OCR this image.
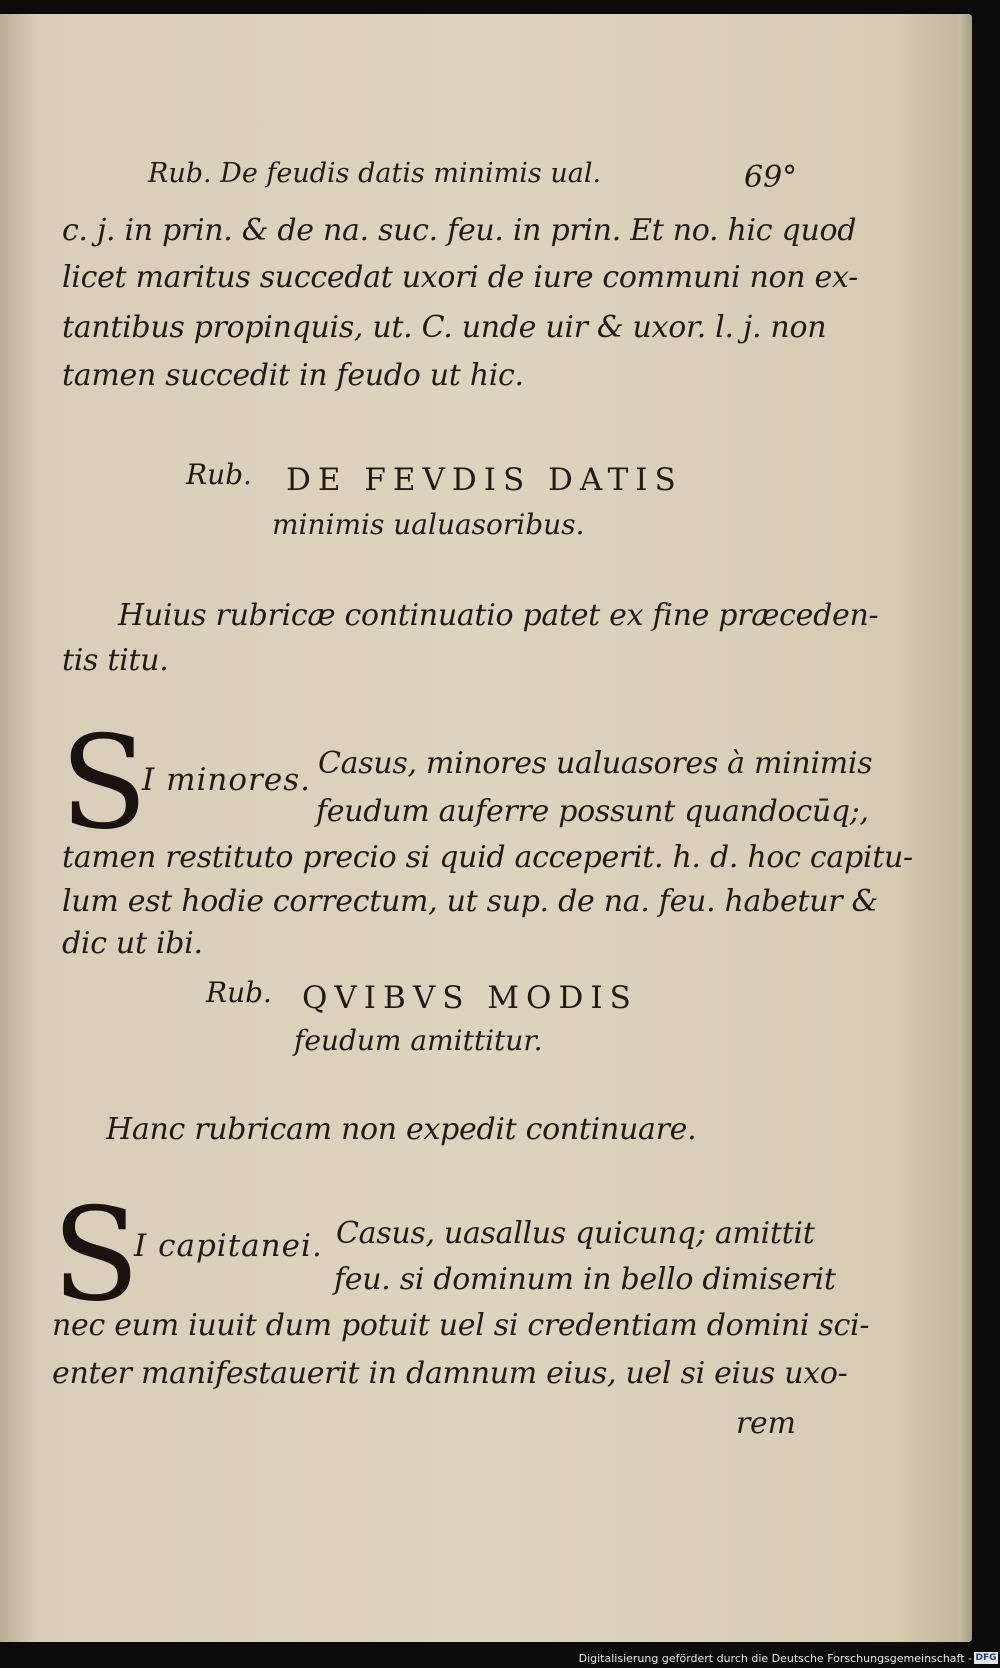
Rub. De feudis datis minimis ual.	69°
c. j. in prin. & de na. suc. feu. in prin. Et no. hic quod
licet maritus succedat uxori de iure communi non ex-
tantibus propinquis, ut. C. unde uir & uxor. l. j. non
tamen succedit in feudo ut hic.
Rub. DE FEVDIS DATIS
minimis ualuasoribus.
Huius rubricæ continuatio patet ex fine præceden-
tis titu.
S
I minores. Casus, minores ualuasores à minimis
feudum auferre possunt quandocūq;,
tamen restituto precio si quid acceperit. h. d. hoc capitu-
lum est hodie correctum, ut sup. de na. feu. habetur &
dic ut ibi.
Rub. QVIBVS MODIS
feudum amittitur.
Hanc rubricam non expedit continuare.
S
I capitanei. Casus, uasallus quicunq; amittit
feu. si dominum in bello dimiserit
nec eum iuuit dum potuit uel si credentiam domini sci-
enter manifestauerit in damnum eius, uel si eius uxo-
rem
Digitalisierung gefördert durch die Deutsche Forschungsgemeinschaft - DFG
